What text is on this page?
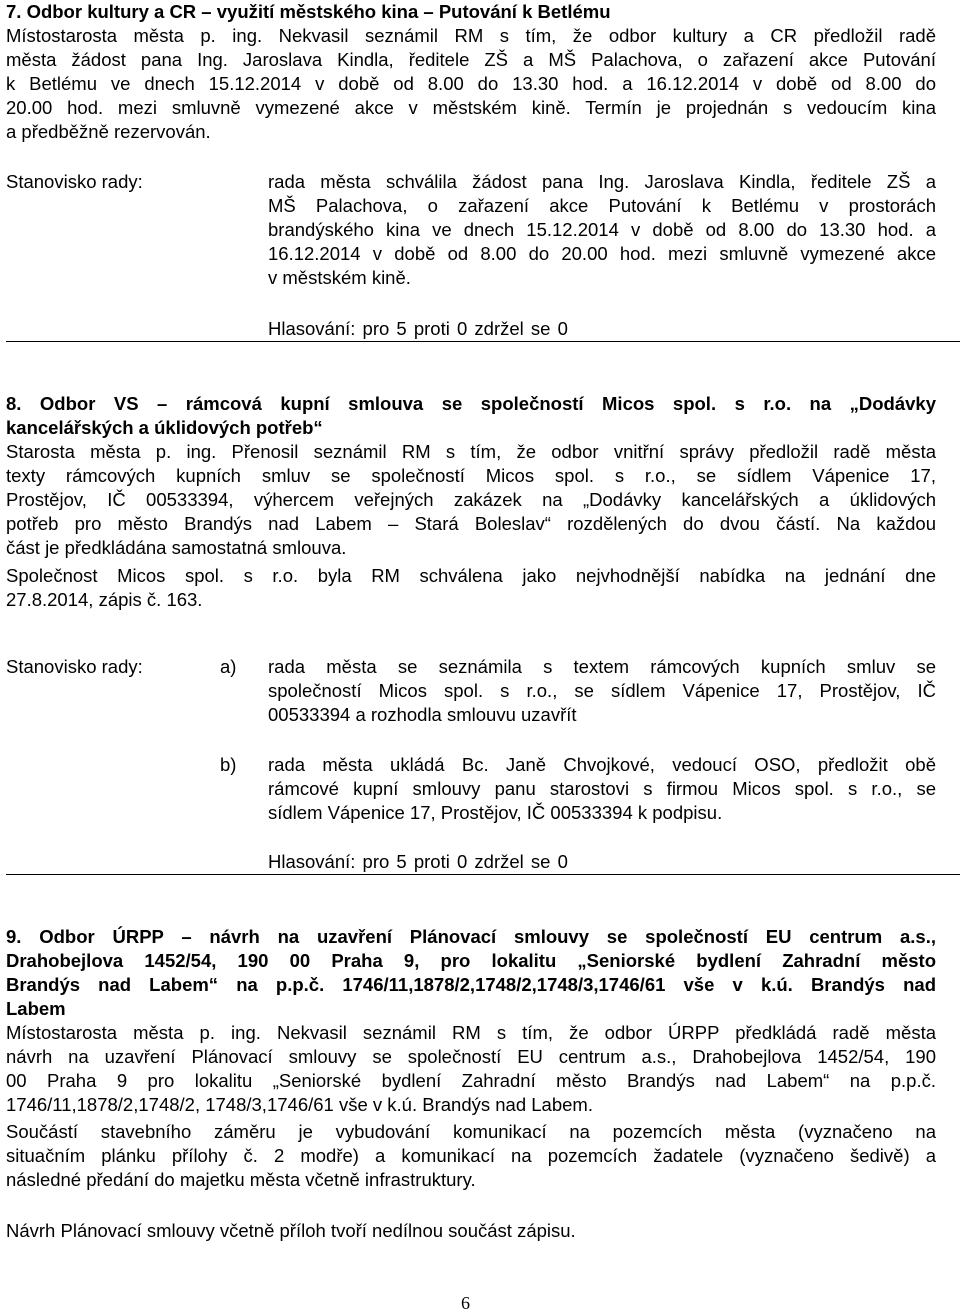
7. Odbor kultury a CR – využití městského kina – Putování k Betlému
Místostarosta města p. ing. Nekvasil seznámil RM s tím, že odbor kultury a CR předložil radě
města žádost pana Ing. Jaroslava Kindla, ředitele ZŠ a MŠ Palachova, o zařazení akce Putování
k Betlému ve dnech 15.12.2014 v době od 8.00 do 13.30 hod. a 16.12.2014 v době od 8.00 do
20.00 hod. mezi smluvně vymezené akce v městském kině. Termín je projednán s vedoucím kina
a předběžně rezervován.
Stanovisko rady:	rada města schválila žádost pana Ing. Jaroslava Kindla, ředitele ZŠ a
MŠ Palachova, o zařazení akce Putování k Betlému v prostorách
brandýského kina ve dnech 15.12.2014 v době od 8.00 do 13.30 hod. a
16.12.2014 v době od 8.00 do 20.00 hod. mezi smluvně vymezené akce
v městském kině.
Hlasování: pro 5 proti 0 zdržel se 0
8. Odbor VS – rámcová kupní smlouva se společností Micos spol. s r.o. na „Dodávky
kancelářských a úklidových potřeb“
Starosta města p. ing. Přenosil seznámil RM s tím, že odbor vnitřní správy předložil radě města
texty rámcových kupních smluv se společností Micos spol. s r.o., se sídlem Vápenice 17,
Prostějov, IČ 00533394, výhercem veřejných zakázek na „Dodávky kancelářských a úklidových
potřeb pro město Brandýs nad Labem – Stará Boleslav“ rozdělených do dvou částí. Na každou
část je předkládána samostatná smlouva.
Společnost Micos spol. s r.o. byla RM schválena jako nejvhodnější nabídka na jednání dne
27.8.2014, zápis č. 163.
Stanovisko rady:	a) rada města se seznámila s textem rámcových kupních smluv se
společností Micos spol. s r.o., se sídlem Vápenice 17, Prostějov, IČ
00533394 a rozhodla smlouvu uzavřít
b) rada města ukládá Bc. Janě Chvojkové, vedoucí OSO, předložit obě
rámcové kupní smlouvy panu starostovi s firmou Micos spol. s r.o., se
sídlem Vápenice 17, Prostějov, IČ 00533394 k podpisu.
Hlasování: pro 5 proti 0 zdržel se 0
9. Odbor ÚRPP – návrh na uzavření Plánovací smlouvy se společností EU centrum a.s.,
Drahobejlova 1452/54, 190 00 Praha 9, pro lokalitu „Seniorské bydlení Zahradní město
Brandýs nad Labem“ na p.p.č. 1746/11,1878/2,1748/2,1748/3,1746/61 vše v k.ú. Brandýs nad
Labem
Místostarosta města p. ing. Nekvasil seznámil RM s tím, že odbor ÚRPP předkládá radě města
návrh na uzavření Plánovací smlouvy se společností EU centrum a.s., Drahobejlova 1452/54, 190
00 Praha 9 pro lokalitu „Seniorské bydlení Zahradní město Brandýs nad Labem“ na p.p.č.
1746/11,1878/2,1748/2, 1748/3,1746/61 vše v k.ú. Brandýs nad Labem.
Součástí stavebního záměru je vybudování komunikací na pozemcích města (vyznačeno na
situačním plánku přílohy č. 2 modře) a komunikací na pozemcích žadatele (vyznačeno šedivě) a
následné předání do majetku města včetně infrastruktury.
Návrh Plánovací smlouvy včetně příloh tvoří nedílnou součást zápisu.
6
